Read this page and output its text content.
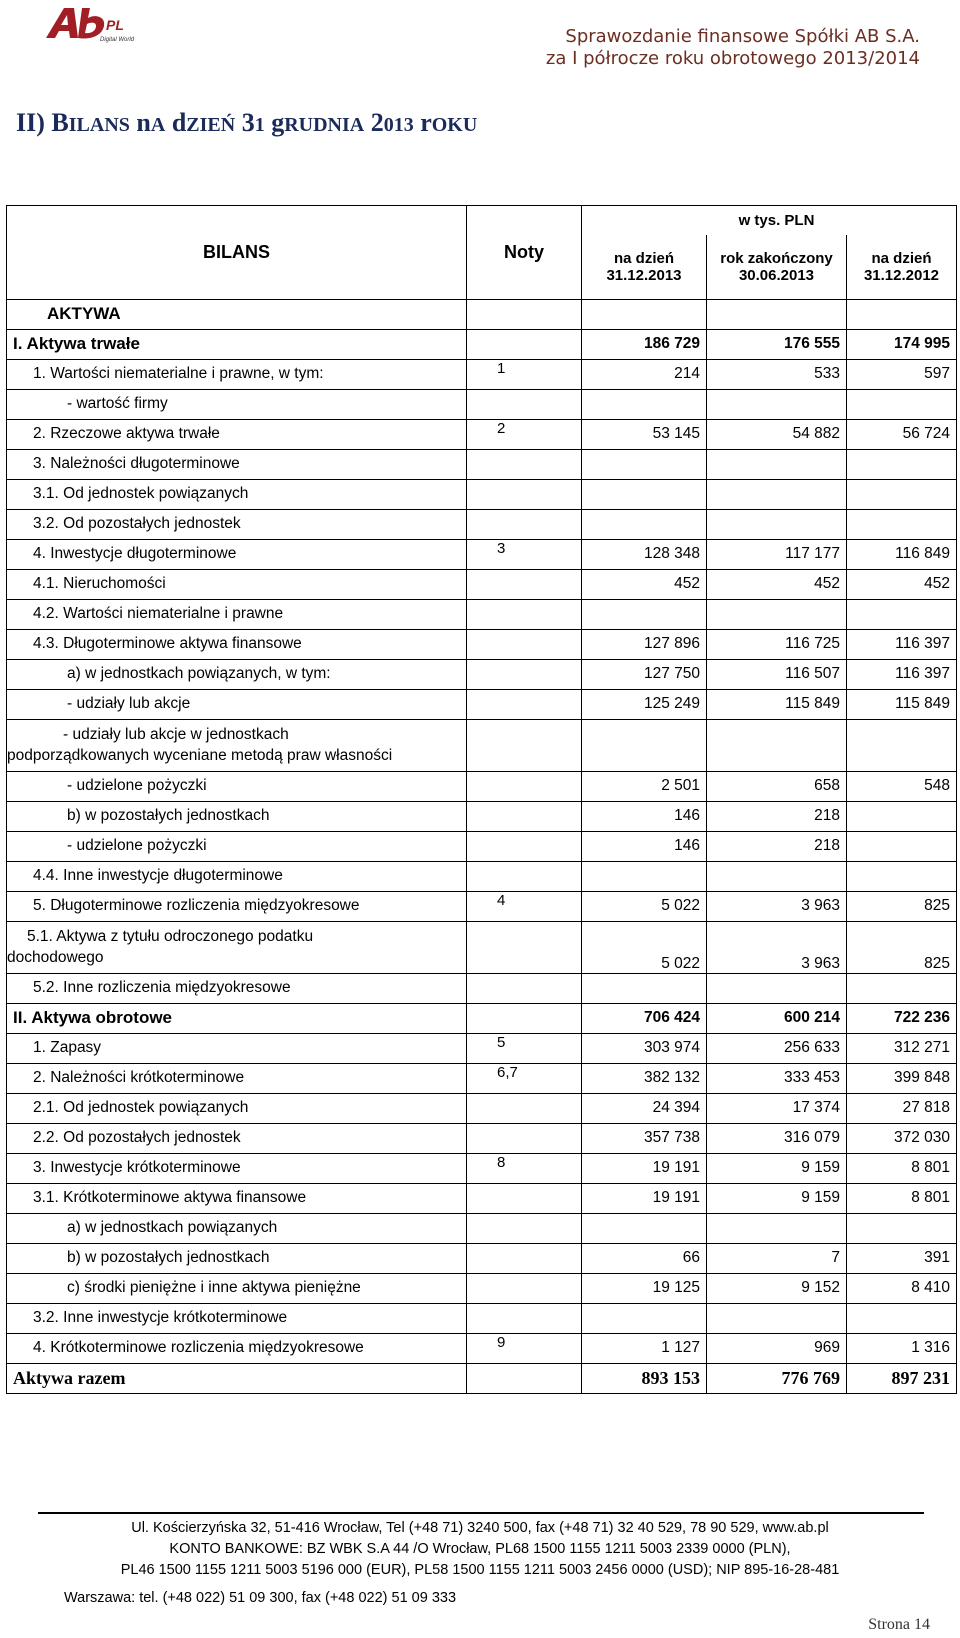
PL
Digital World	Sprawozdanie finansowe Spółki AB S.A.
za I półrocze roku obrotowego 2013/2014
II) BILANS nA dZIEŃ 31 gRUDNIA 2013 rOKU
BILANS	Noty		w tys. PLN	
		na dzień 31.12.2013	rok zakończony 30.06.2013	na dzień 31.12.2012
AKTYWA				
I. Aktywa trwałe		186 729	176 555	174 995
1. Wartości niematerialne i prawne, w tym:	1	214	533	597
- wartość firmy				
2. Rzeczowe aktywa trwałe	2	53 145	54 882	56 724
3. Należności długoterminowe				
3.1. Od jednostek powiązanych				
3.2. Od pozostałych jednostek				
4. Inwestycje długoterminowe	3	128 348	117 177	116 849
4.1. Nieruchomości		452	452	452
4.2. Wartości niematerialne i prawne				
4.3. Długoterminowe aktywa finansowe		127 896	116 725	116 397
a) w jednostkach powiązanych, w tym:		127 750	116 507	116 397
- udziały lub akcje		125 249	115 849	115 849

- udziały lub akcje w jednostkach
podporządkowanych wyceniane metodą praw własności				

- udzielone pożyczki		2 501	658	548
b) w pozostałych jednostkach		146	218	
- udzielone pożyczki		146	218	
4.4. Inne inwestycje długoterminowe				
5. Długoterminowe rozliczenia międzyokresowe	4	5 022	3 963	825

5.1. Aktywa z tytułu odroczonego podatku
dochodowego		5 022	3 963	825
5.2. Inne rozliczenia międzyokresowe				
II. Aktywa obrotowe		706 424	600 214	722 236
1. Zapasy	5	303 974	256 633	312 271
2. Należności krótkoterminowe	6,7	382 132	333 453	399 848
2.1. Od jednostek powiązanych		24 394	17 374	27 818
2.2. Od pozostałych jednostek		357 738	316 079	372 030
3. Inwestycje krótkoterminowe	8	19 191	9 159	8 801
3.1. Krótkoterminowe aktywa finansowe		19 191	9 159	8 801
a) w jednostkach powiązanych				
b) w pozostałych jednostkach		66	7	391
c) środki pieniężne i inne aktywa pieniężne		19 125	9 152	8 410
3.2. Inne inwestycje krótkoterminowe				
4. Krótkoterminowe rozliczenia międzyokresowe	9	1 127	969	1 316
Aktywa razem		893 153	776 769	897 231
Ul. Kościerzyńska 32, 51-416 Wrocław, Tel (+48 71) 3240 500, fax (+48 71) 32 40 529, 78 90 529, www.ab.pl
KONTO BANKOWE: BZ WBK S.A 44 /O Wrocław, PL68 1500 1155 1211 5003 2339 0000 (PLN),
PL46 1500 1155 1211 5003 5196 000 (EUR), PL58 1500 1155 1211 5003 2456 0000 (USD); NIP 895-16-28-481
Warszawa: tel. (+48 022) 51 09 300, fax (+48 022) 51 09 333
Strona 14
